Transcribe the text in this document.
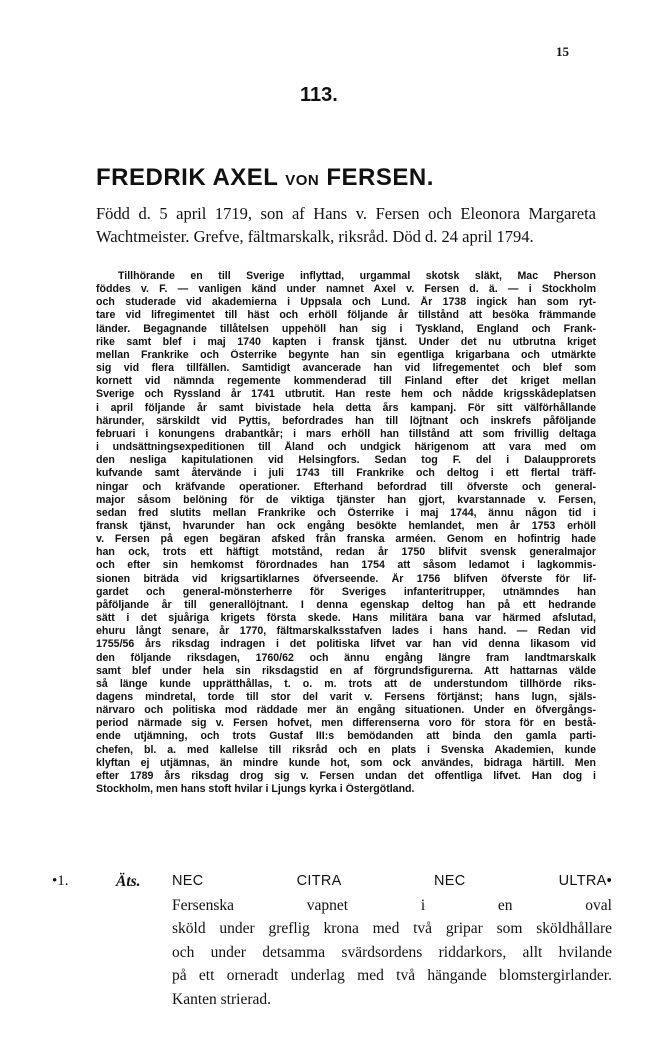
15
113.
FREDRIK AXEL VON FERSEN.
Född d. 5 april 1719, son af Hans v. Fersen och Eleonora Margareta
Wachtmeister. Grefve, fältmarskalk, riksråd. Död d. 24 april 1794.
Tillhörande en till Sverige inflyttad, urgammal skotsk släkt, Mac Pherson
föddes v. F. — vanligen känd under namnet Axel v. Fersen d. ä. — i Stockholm
och studerade vid akademierna i Uppsala och Lund. År 1738 ingick han som ryt-
tare vid lifregimentet till häst och erhöll följande år tillstånd att besöka främmande
länder. Begagnande tillåtelsen uppehöll han sig i Tyskland, England och Frank-
rike samt blef i maj 1740 kapten i fransk tjänst. Under det nu utbrutna kriget
mellan Frankrike och Österrike begynte han sin egentliga krigarbana och utmärkte
sig vid flera tillfällen. Samtidigt avancerade han vid lifregementet och blef som
kornett vid nämnda regemente kommenderad till Finland efter det kriget mellan
Sverige och Ryssland år 1741 utbrutit. Han reste hem och nådde krigsskådeplatsen
i april följande år samt bivistade hela detta års kampanj. För sitt välförhållande
härunder, särskildt vid Pyttis, befordrades han till löjtnant och inskrefs påföljande
februari i konungens drabantkår; i mars erhöll han tillstånd att som frivillig deltaga
i undsättningsexpeditionen till Åland och undgick härigenom att vara med om
den nesliga kapitulationen vid Helsingfors. Sedan tog F. del i Dalaupprorets
kufvande samt återvände i juli 1743 till Frankrike och deltog i ett flertal träff-
ningar och kräfvande operationer. Efterhand befordrad till öfverste och general-
major såsom belöning för de viktiga tjänster han gjort, kvarstannade v. Fersen,
sedan fred slutits mellan Frankrike och Österrike i maj 1744, ännu någon tid i
fransk tjänst, hvarunder han ock engång besökte hemlandet, men år 1753 erhöll
v. Fersen på egen begäran afsked från franska arméen. Genom en hofintrig hade
han ock, trots ett häftigt motstånd, redan år 1750 blifvit svensk generalmajor
och efter sin hemkomst förordnades han 1754 att såsom ledamot i lagkommis-
sionen biträda vid krigsartiklarnes öfverseende. År 1756 blifven öfverste för lif-
gardet och general-mönsterherre för Sveriges infanteritrupper, utnämndes han
påföljande år till generallöjtnant. I denna egenskap deltog han på ett hedrande
sätt i det sjuåriga krigets första skede. Hans militära bana var härmed afslutad,
ehuru långt senare, år 1770, fältmarskalksstafven lades i hans hand. — Redan vid
1755/56 års riksdag indragen i det politiska lifvet var han vid denna likasom vid
den följande riksdagen, 1760/62 och ännu engång längre fram landtmarskalk
samt blef under hela sin riksdagstid en af förgrundsfigurerna. Att hattarnas välde
så länge kunde upprätthållas, t. o. m. trots att de understundom tillhörde riks-
dagens mindretal, torde till stor del varit v. Fersens förtjänst; hans lugn, själs-
närvaro och politiska mod räddade mer än engång situationen. Under en öfvergångs-
period närmade sig v. Fersen hofvet, men differenserna voro för stora för en bestå-
ende utjämning, och trots Gustaf III:s bemödanden att binda den gamla parti-
chefen, bl. a. med kallelse till riksråd och en plats i Svenska Akademien, kunde
klyftan ej utjämnas, än mindre kunde hot, som ock användes, bidraga härtill. Men
efter 1789 års riksdag drog sig v. Fersen undan det offentliga lifvet. Han dog i
Stockholm, men hans stoft hvilar i Ljungs kyrka i Östergötland.
•1.	Äts. NEC CITRA NEC ULTRA•
Fersenska vapnet i en oval
sköld under greflig krona med två gripar som sköldhållare
och under detsamma svärdsordens riddarkors, allt hvilande
på ett orneradt underlag med två hängande blomstergirlander.
Kanten strierad.
